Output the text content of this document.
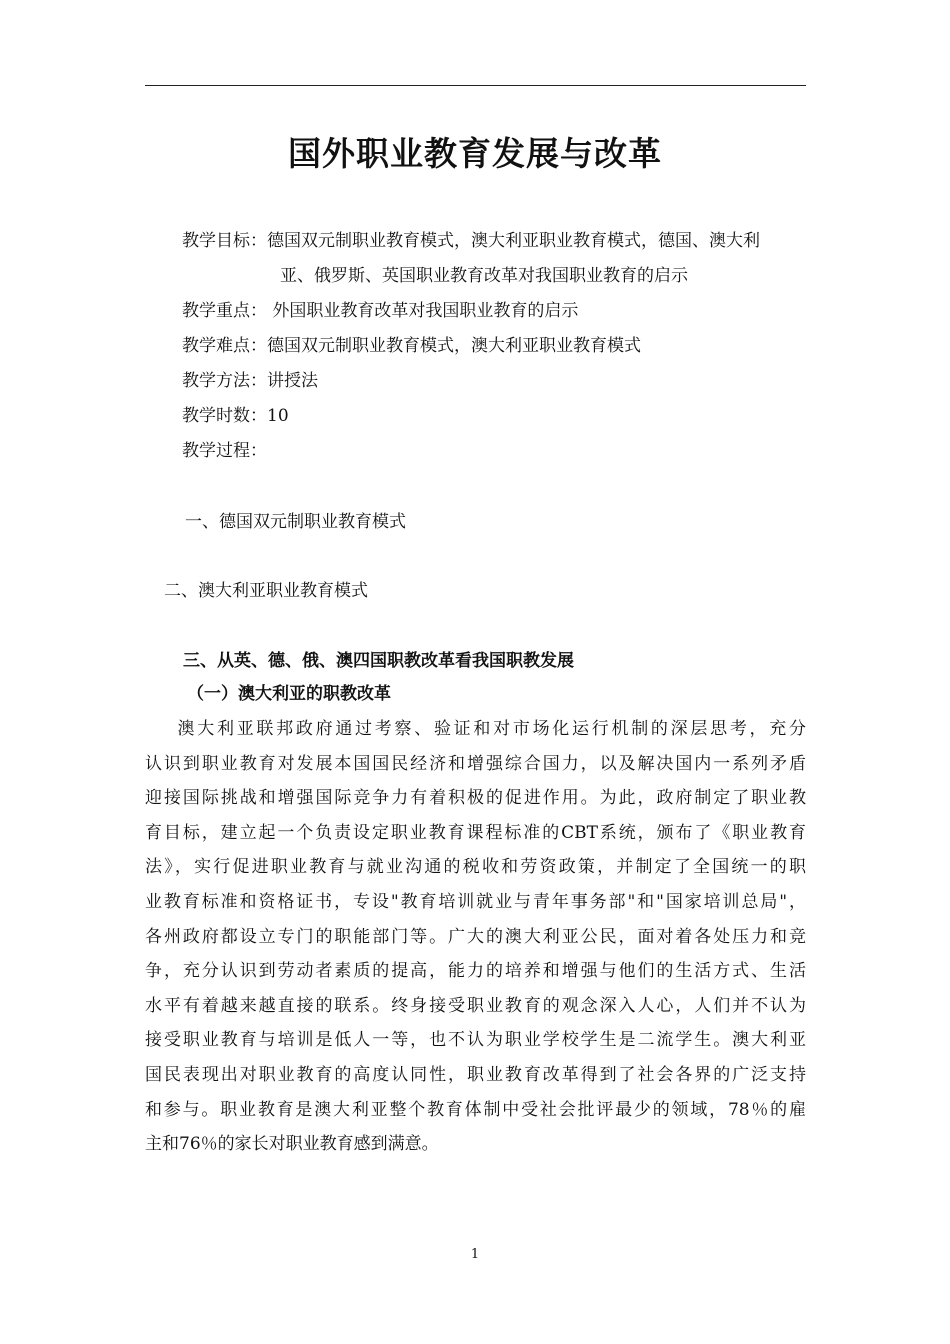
国外职业教育发展与改革
教学目标：德国双元制职业教育模式，澳大利亚职业教育模式，德国、澳大利
亚、俄罗斯、英国职业教育改革对我国职业教育的启示
教学重点： 外国职业教育改革对我国职业教育的启示
教学难点：德国双元制职业教育模式，澳大利亚职业教育模式
教学方法：讲授法
教学时数：10
教学过程：
一、德国双元制职业教育模式
二、澳大利亚职业教育模式
三、从英、德、俄、澳四国职教改革看我国职教发展
（一）澳大利亚的职教改革
澳大利亚联邦政府通过考察、验证和对市场化运行机制的深层思考，充分
认识到职业教育对发展本国国民经济和增强综合国力，以及解决国内一系列矛盾
迎接国际挑战和增强国际竞争力有着积极的促进作用。为此，政府制定了职业教
育目标，建立起一个负责设定职业教育课程标准的CBT系统，颁布了《职业教育
法》，实行促进职业教育与就业沟通的税收和劳资政策，并制定了全国统一的职
业教育标准和资格证书，专设"教育培训就业与青年事务部"和"国家培训总局"，
各州政府都设立专门的职能部门等。广大的澳大利亚公民，面对着各处压力和竞
争，充分认识到劳动者素质的提高，能力的培养和增强与他们的生活方式、生活
水平有着越来越直接的联系。终身接受职业教育的观念深入人心，人们并不认为
接受职业教育与培训是低人一等，也不认为职业学校学生是二流学生。澳大利亚
国民表现出对职业教育的高度认同性，职业教育改革得到了社会各界的广泛支持
和参与。职业教育是澳大利亚整个教育体制中受社会批评最少的领域，78％的雇
主和76％的家长对职业教育感到满意。
1
